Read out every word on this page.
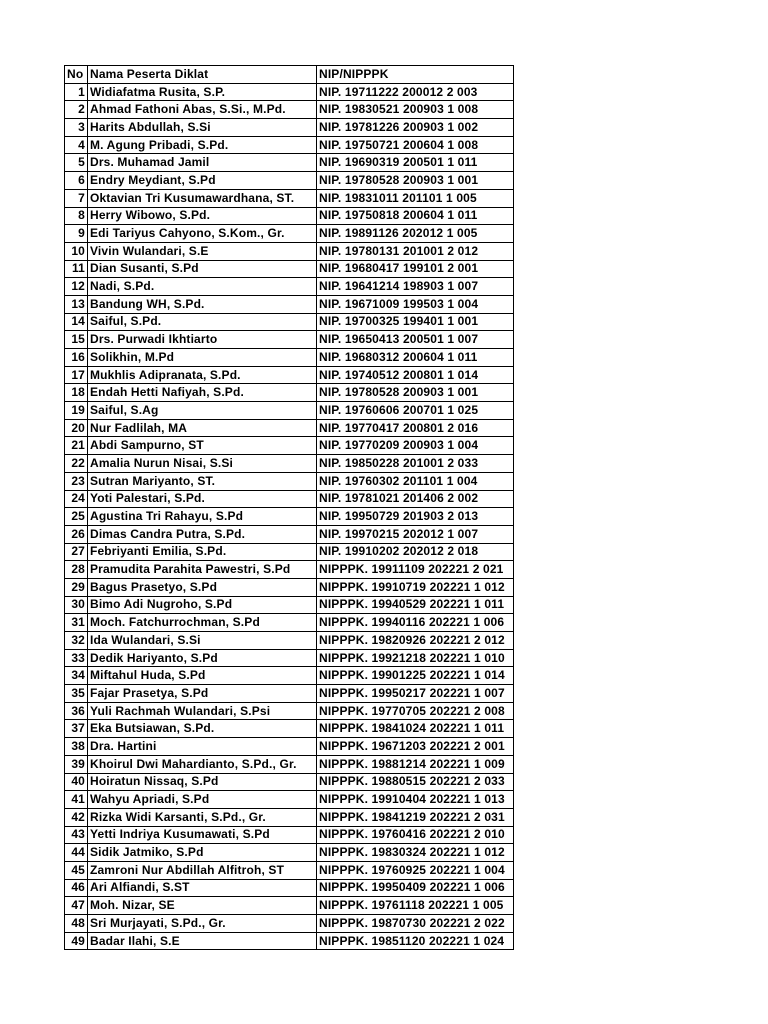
No	Nama Peserta Diklat	NIP/NIPPPK
1	Widiafatma Rusita, S.P.	NIP. 19711222 200012 2 003
2	Ahmad Fathoni Abas, S.Si., M.Pd.	NIP. 19830521 200903 1 008
3	Harits Abdullah, S.Si	NIP. 19781226 200903 1 002
4	M. Agung Pribadi, S.Pd.	NIP. 19750721 200604 1 008
5	Drs. Muhamad Jamil	NIP. 19690319 200501 1 011
6	Endry Meydiant, S.Pd	NIP. 19780528 200903 1 001
7	Oktavian Tri Kusumawardhana, ST.	NIP. 19831011 201101 1 005
8	Herry Wibowo, S.Pd.	NIP. 19750818 200604 1 011
9	Edi Tariyus Cahyono, S.Kom., Gr.	NIP. 19891126 202012 1 005
10	Vivin Wulandari, S.E	NIP. 19780131 201001 2 012
11	Dian Susanti, S.Pd	NIP. 19680417 199101 2 001
12	Nadi, S.Pd.	NIP. 19641214 198903 1 007
13	Bandung WH, S.Pd.	NIP. 19671009 199503 1 004
14	Saiful, S.Pd.	NIP. 19700325 199401 1 001
15	Drs. Purwadi Ikhtiarto	NIP. 19650413 200501 1 007
16	Solikhin, M.Pd	NIP. 19680312 200604 1 011
17	Mukhlis Adipranata, S.Pd.	NIP. 19740512 200801 1 014
18	Endah Hetti Nafiyah, S.Pd.	NIP. 19780528 200903 1 001
19	Saiful, S.Ag	NIP. 19760606 200701 1 025
20	Nur Fadlilah, MA	NIP. 19770417 200801 2 016
21	Abdi Sampurno, ST	NIP. 19770209 200903 1 004
22	Amalia Nurun Nisai, S.Si	NIP. 19850228 201001 2 033
23	Sutran Mariyanto, ST.	NIP. 19760302 201101 1 004
24	Yoti Palestari, S.Pd.	NIP. 19781021 201406 2 002
25	Agustina Tri Rahayu, S.Pd	NIP. 19950729 201903 2 013
26	Dimas Candra Putra, S.Pd.	NIP. 19970215 202012 1 007
27	Febriyanti Emilia, S.Pd.	NIP. 19910202 202012 2 018
28	Pramudita Parahita Pawestri, S.Pd	NIPPPK. 19911109 202221 2 021
29	Bagus Prasetyo, S.Pd	NIPPPK. 19910719 202221 1 012
30	Bimo Adi Nugroho, S.Pd	NIPPPK. 19940529 202221 1 011
31	Moch. Fatchurrochman, S.Pd	NIPPPK. 19940116 202221 1 006
32	Ida Wulandari, S.Si	NIPPPK. 19820926 202221 2 012
33	Dedik Hariyanto, S.Pd	NIPPPK. 19921218 202221 1 010
34	Miftahul Huda, S.Pd	NIPPPK. 19901225 202221 1 014
35	Fajar Prasetya, S.Pd	NIPPPK. 19950217 202221 1 007
36	Yuli Rachmah Wulandari, S.Psi	NIPPPK. 19770705 202221 2 008
37	Eka Butsiawan, S.Pd.	NIPPPK. 19841024 202221 1 011
38	Dra. Hartini	NIPPPK. 19671203 202221 2 001
39	Khoirul Dwi Mahardianto, S.Pd., Gr.	NIPPPK. 19881214 202221 1 009
40	Hoiratun Nissaq, S.Pd	NIPPPK. 19880515 202221 2 033
41	Wahyu Apriadi, S.Pd	NIPPPK. 19910404 202221 1 013
42	Rizka Widi Karsanti, S.Pd., Gr.	NIPPPK. 19841219 202221 2 031
43	Yetti Indriya Kusumawati, S.Pd	NIPPPK. 19760416 202221 2 010
44	Sidik Jatmiko, S.Pd	NIPPPK. 19830324 202221 1 012
45	Zamroni Nur Abdillah Alfitroh, ST	NIPPPK. 19760925 202221 1 004
46	Ari Alfiandi, S.ST	NIPPPK. 19950409 202221 1 006
47	Moh. Nizar, SE	NIPPPK. 19761118 202221 1 005
48	Sri Murjayati, S.Pd., Gr.	NIPPPK. 19870730 202221 2 022
49	Badar Ilahi, S.E	NIPPPK. 19851120 202221 1 024
